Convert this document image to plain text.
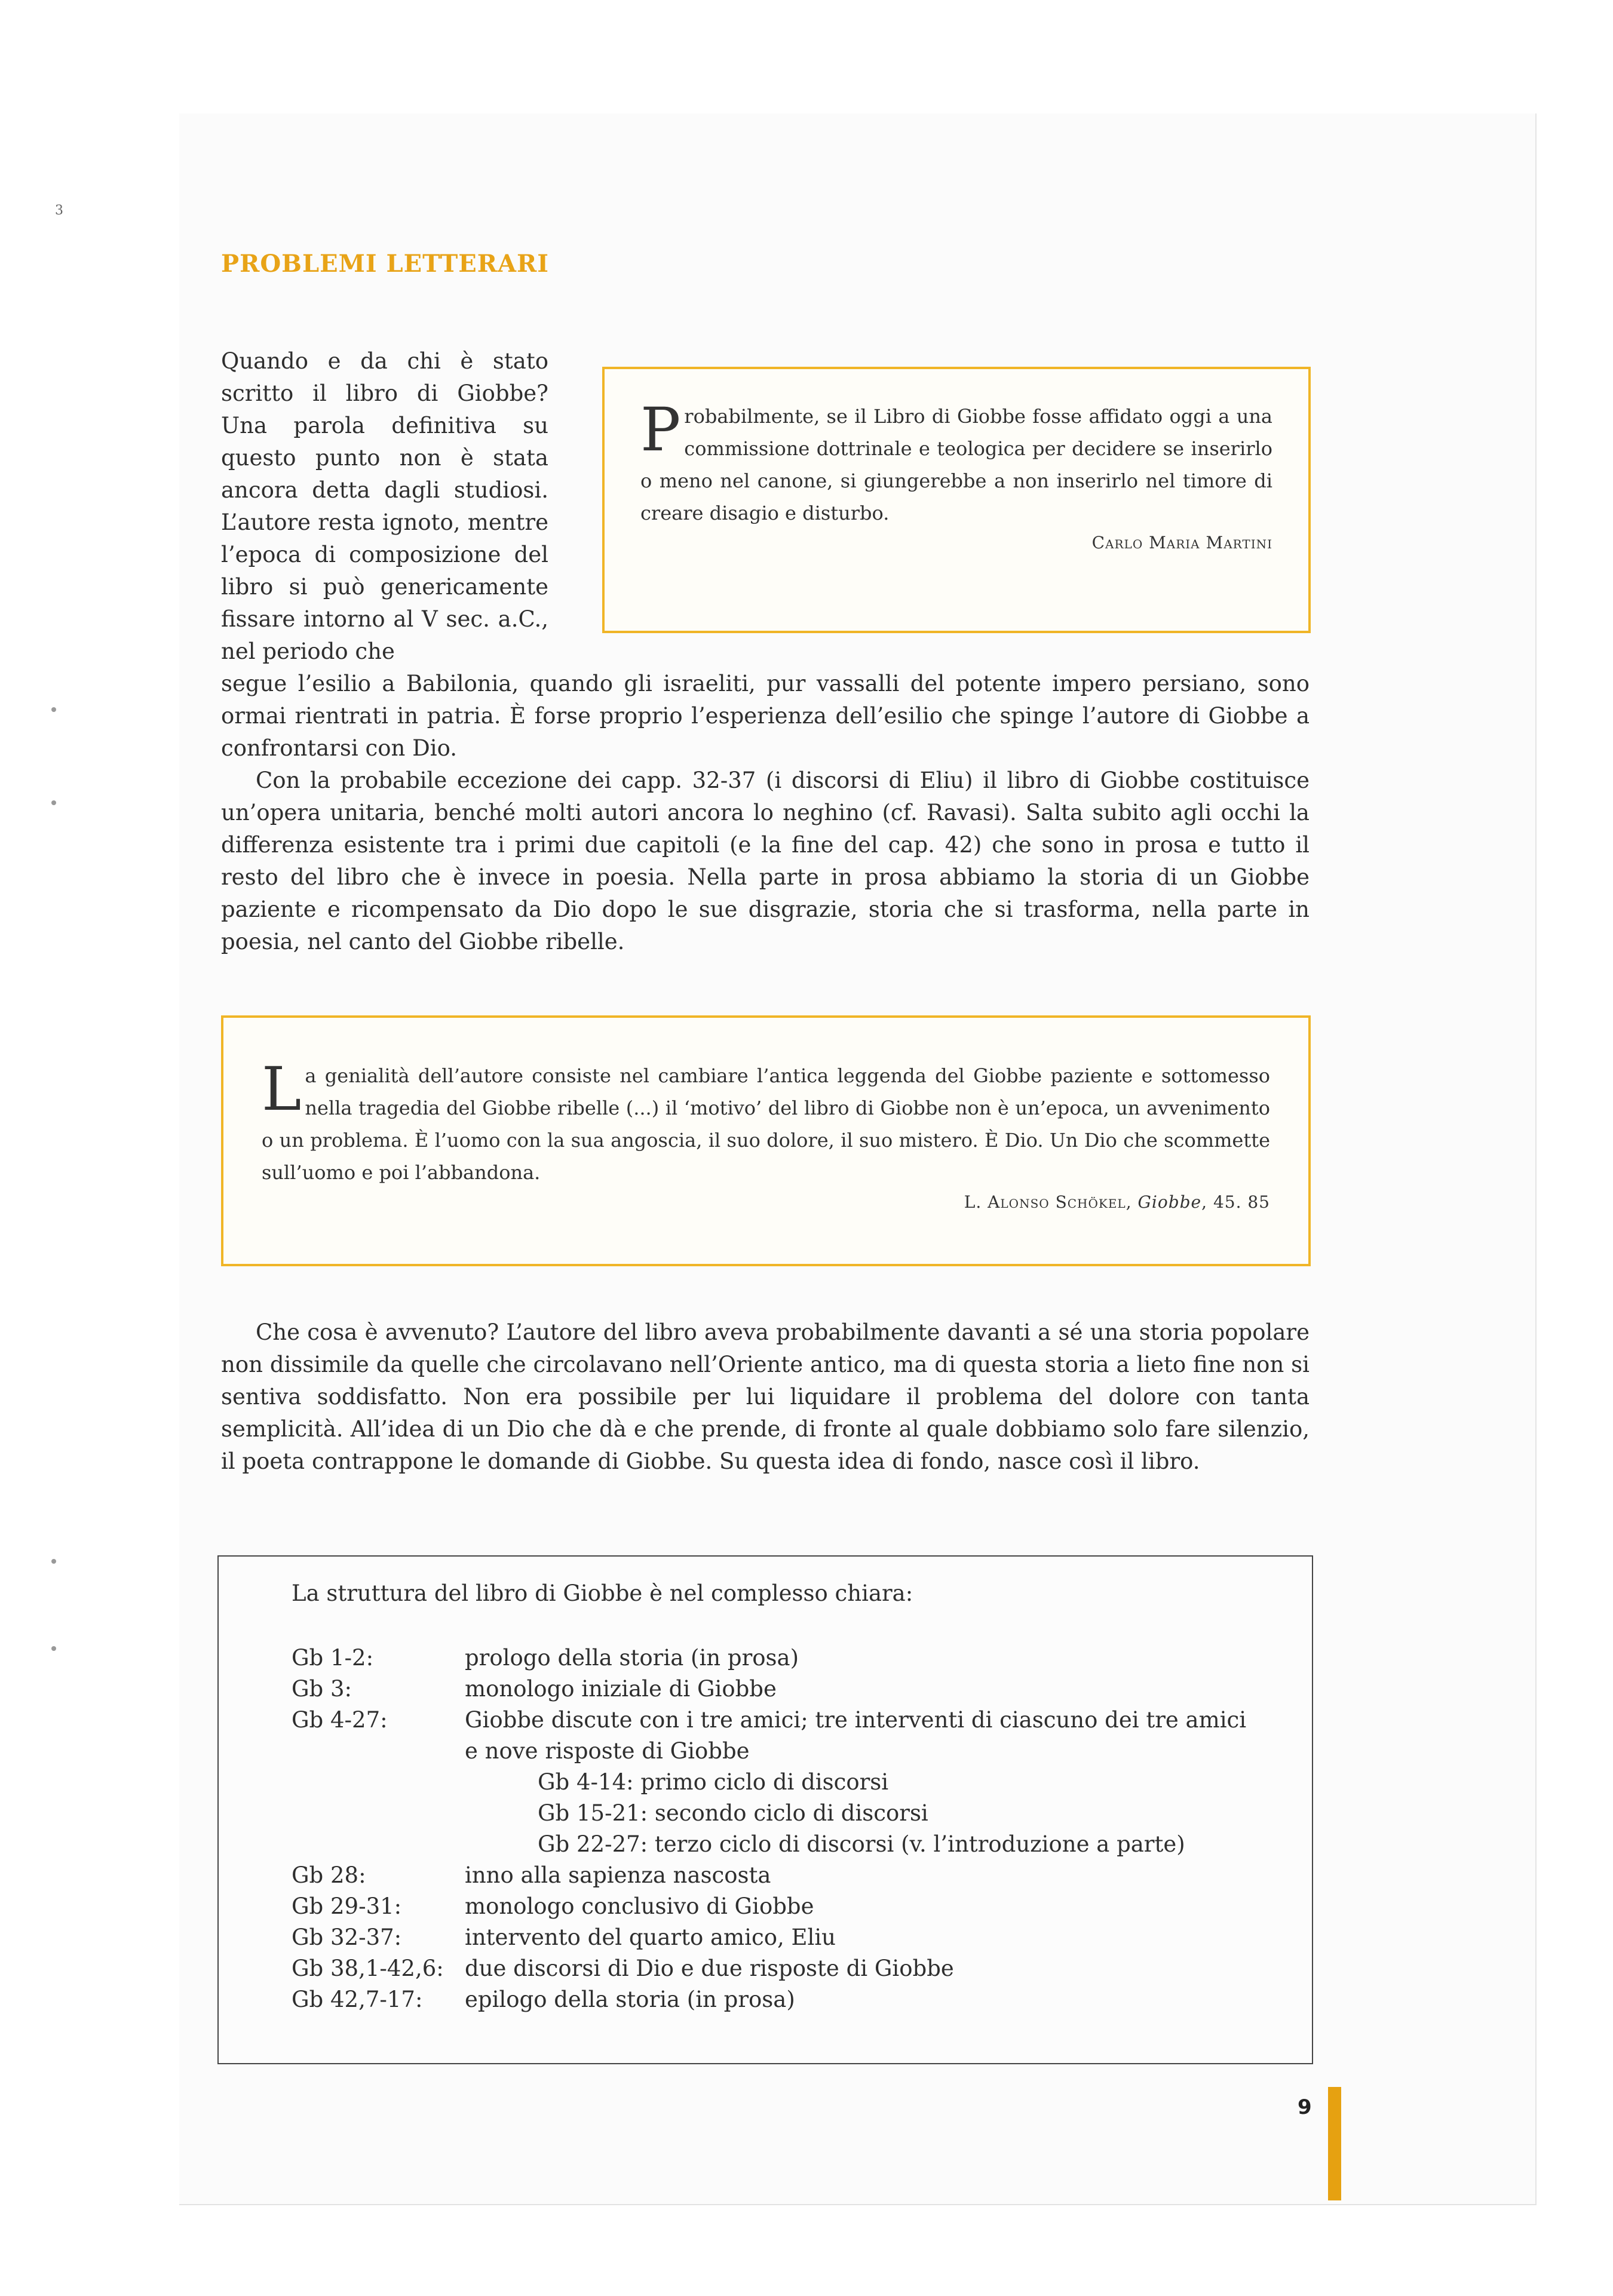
3
PROBLEMI LETTERARI

Quando e da chi è stato scritto il libro di Giobbe? Una parola definitiva su questo punto non è stata ancora detta dagli studiosi. L’autore resta ignoto, mentre l’epoca di composizione del libro si può genericamente fissare intorno al V sec. a.C., nel periodo che

Probabilmente, se il Libro di Giobbe fosse affidato oggi a una commissione dottrinale e teologica per decidere se inserirlo o meno nel canone, si giungerebbe a non inserirlo nel timore di creare disagio e disturbo.

Carlo Maria Martini

segue l’esilio a Babilonia, quando gli israeliti, pur vassalli del potente impero persiano, sono ormai rientrati in patria. È forse proprio l’esperienza dell’esilio che spinge l’autore di Giobbe a confrontarsi con Dio.

Con la probabile eccezione dei capp. 32-37 (i discorsi di Eliu) il libro di Giobbe costituisce un’opera unitaria, benché molti autori ancora lo neghino (cf. Ravasi). Salta subito agli occhi la differenza esistente tra i primi due capitoli (e la fine del cap. 42) che sono in prosa e tutto il resto del libro che è invece in poesia. Nella parte in prosa abbiamo la storia di un Giobbe paziente e ricompensato da Dio dopo le sue disgrazie, storia che si trasforma, nella parte in poesia, nel canto del Giobbe ribelle.

La genialità dell’autore consiste nel cambiare l’antica leggenda del Giobbe paziente e sottomesso nella tragedia del Giobbe ribelle (...) il ‘motivo’ del libro di Giobbe non è un’epoca, un avvenimento o un problema. È l’uomo con la sua angoscia, il suo dolore, il suo mistero. È Dio. Un Dio che scommette sull’uomo e poi l’abbandona.

L. Alonso Schökel, Giobbe, 45. 85

Che cosa è avvenuto? L’autore del libro aveva probabilmente davanti a sé una storia popolare non dissimile da quelle che circolavano nell’Oriente antico, ma di questa storia a lieto fine non si sentiva soddisfatto. Non era possibile per lui liquidare il problema del dolore con tanta semplicità. All’idea di un Dio che dà e che prende, di fronte al quale dobbiamo solo fare silenzio, il poeta contrappone le domande di Giobbe. Su questa idea di fondo, nasce così il libro.

La struttura del libro di Giobbe è nel complesso chiara:
Gb 1-2:	prologo della storia (in prosa)
Gb 3:	monologo iniziale di Giobbe
Gb 4-27:	Giobbe discute con i tre amici; tre interventi di ciascuno dei tre amici e nove risposte di Giobbe
Gb 4-14: primo ciclo di discorsi
Gb 15-21: secondo ciclo di discorsi
Gb 22-27: terzo ciclo di discorsi (v. l’introduzione a parte)
Gb 28:	inno alla sapienza nascosta
Gb 29-31:	monologo conclusivo di Giobbe
Gb 32-37:	intervento del quarto amico, Eliu
Gb 38,1-42,6: due discorsi di Dio e due risposte di Giobbe
Gb 42,7-17:	epilogo della storia (in prosa)
9
